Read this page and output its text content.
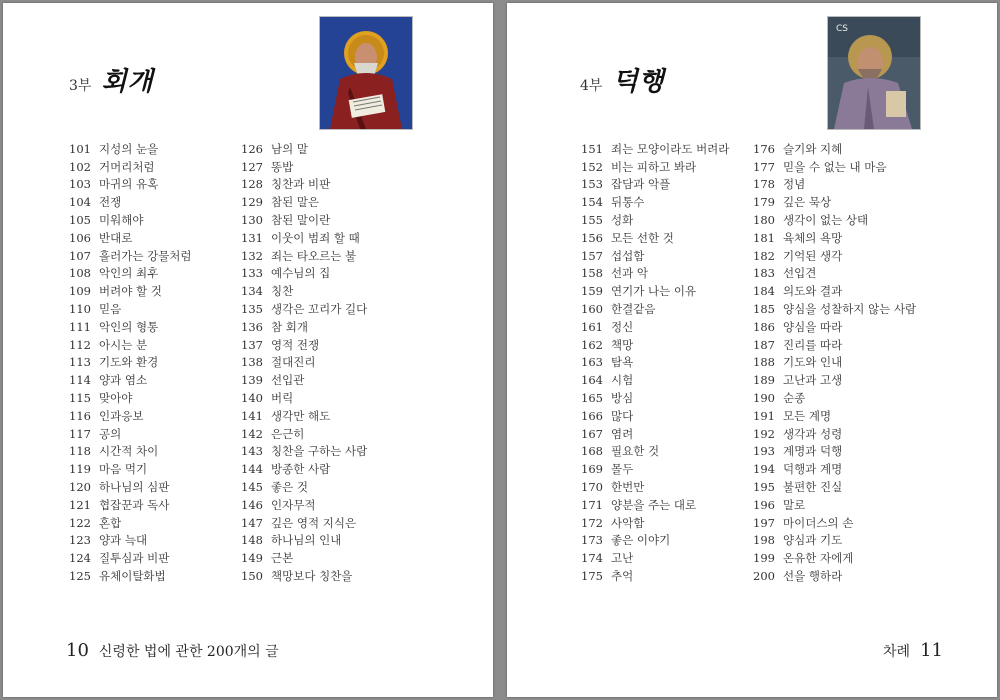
3부 회개
101 지성의 눈을
102 거머리처럼
103 마귀의 유혹
104 전쟁
105 미워해야
106 반대로
107 흘러가는 강물처럼
108 악인의 최후
109 버려야 할 것
110 믿음
111 악인의 형통
112 아시는 분
113 기도와 환경
114 양과 염소
115 맞아야
116 인과응보
117 공의
118 시간적 차이
119 마음 먹기
120 하나님의 심판
121 협잡꾼과 독사
122 혼합
123 양과 늑대
124 질투심과 비판
125 유체이탈화법
126 남의 말
127 똥밥
128 칭찬과 비판
129 참된 말은
130 참된 말이란
131 이웃이 범죄 할 때
132 죄는 타오르는 불
133 예수님의 집
134 칭찬
135 생각은 꼬리가 길다
136 참 회개
137 영적 전쟁
138 절대진리
139 선입관
140 버릭
141 생각만 해도
142 은근히
143 칭찬을 구하는 사람
144 방종한 사람
145 좋은 것
146 인자무적
147 깊은 영적 지식은
148 하나님의 인내
149 근본
150 책망보다 칭찬을
10 신령한 법에 관한 200개의 글
4부 덕행
CS
151 죄는 모양이라도 버려라
152 비는 피하고 봐라
153 잡담과 악플
154 뒤통수
155 성화
156 모든 선한 것
157 섭섭함
158 선과 악
159 연기가 나는 이유
160 한결같음
161 정신
162 책망
163 탐욕
164 시험
165 방심
166 많다
167 염려
168 필요한 것
169 몰두
170 한번만
171 양분을 주는 대로
172 사악함
173 좋은 이야기
174 고난
175 추억
176 슬기와 지혜
177 믿을 수 없는 내 마음
178 정념
179 깊은 묵상
180 생각이 없는 상태
181 육체의 욕망
182 기억된 생각
183 선입견
184 의도와 결과
185 양심을 성찰하지 않는 사람
186 양심을 따라
187 진리를 따라
188 기도와 인내
189 고난과 고생
190 순종
191 모든 계명
192 생각과 성령
193 계명과 덕행
194 덕행과 계명
195 불편한 진실
196 말로
197 마이더스의 손
198 양심과 기도
199 온유한 자에게
200 선을 행하라
차례 11
